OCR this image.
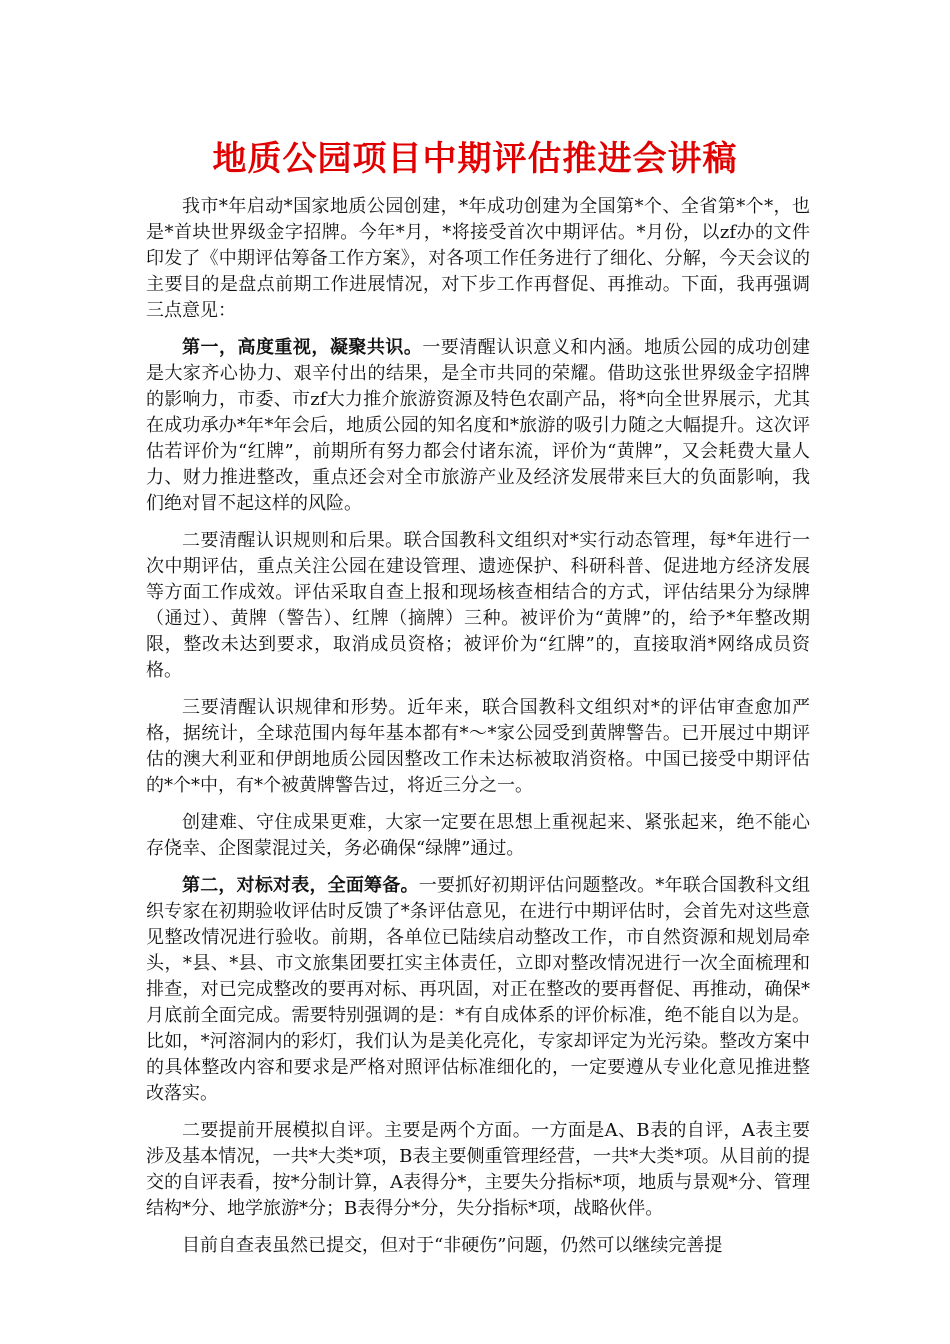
地质公园项目中期评估推进会讲稿

我市*年启动*国家地质公园创建，*年成功创建为全国第*个、全省第*个*，也是*首块世界级金字招牌。今年*月，*将接受首次中期评估。*月份，以zf办的文件印发了《中期评估筹备工作方案》，对各项工作任务进行了细化、分解，今天会议的主要目的是盘点前期工作进展情况，对下步工作再督促、再推动。下面，我再强调三点意见：

第一，高度重视，凝聚共识。一要清醒认识意义和内涵。地质公园的成功创建是大家齐心协力、艰辛付出的结果，是全市共同的荣耀。借助这张世界级金字招牌的影响力，市委、市zf大力推介旅游资源及特色农副产品，将*向全世界展示，尤其在成功承办*年*年会后，地质公园的知名度和*旅游的吸引力随之大幅提升。这次评估若评价为“红牌”，前期所有努力都会付诸东流，评价为“黄牌”，又会耗费大量人力、财力推进整改，重点还会对全市旅游产业及经济发展带来巨大的负面影响，我们绝对冒不起这样的风险。

二要清醒认识规则和后果。联合国教科文组织对*实行动态管理，每*年进行一次中期评估，重点关注公园在建设管理、遗迹保护、科研科普、促进地方经济发展等方面工作成效。评估采取自查上报和现场核查相结合的方式，评估结果分为绿牌（通过）、黄牌（警告）、红牌（摘牌）三种。被评价为“黄牌”的，给予*年整改期限，整改未达到要求，取消成员资格；被评价为“红牌”的，直接取消*网络成员资格。

三要清醒认识规律和形势。近年来，联合国教科文组织对*的评估审查愈加严格，据统计，全球范围内每年基本都有*～*家公园受到黄牌警告。已开展过中期评估的澳大利亚和伊朗地质公园因整改工作未达标被取消资格。中国已接受中期评估的*个*中，有*个被黄牌警告过，将近三分之一。

创建难、守住成果更难，大家一定要在思想上重视起来、紧张起来，绝不能心存侥幸、企图蒙混过关，务必确保“绿牌”通过。

第二，对标对表，全面筹备。一要抓好初期评估问题整改。*年联合国教科文组织专家在初期验收评估时反馈了*条评估意见，在进行中期评估时，会首先对这些意见整改情况进行验收。前期，各单位已陆续启动整改工作，市自然资源和规划局牵头，*县、*县、市文旅集团要扛实主体责任，立即对整改情况进行一次全面梳理和排查，对已完成整改的要再对标、再巩固，对正在整改的要再督促、再推动，确保*月底前全面完成。需要特别强调的是：*有自成体系的评价标准，绝不能自以为是。比如，*河溶洞内的彩灯，我们认为是美化亮化，专家却评定为光污染。整改方案中的具体整改内容和要求是严格对照评估标准细化的，一定要遵从专业化意见推进整改落实。

二要提前开展模拟自评。主要是两个方面。一方面是A、B表的自评，A表主要涉及基本情况，一共*大类*项，B表主要侧重管理经营，一共*大类*项。从目前的提交的自评表看，按*分制计算，A表得分*，主要失分指标*项，地质与景观*分、管理结构*分、地学旅游*分；B表得分*分，失分指标*项，战略伙伴。

目前自查表虽然已提交，但对于“非硬伤”问题，仍然可以继续完善提
